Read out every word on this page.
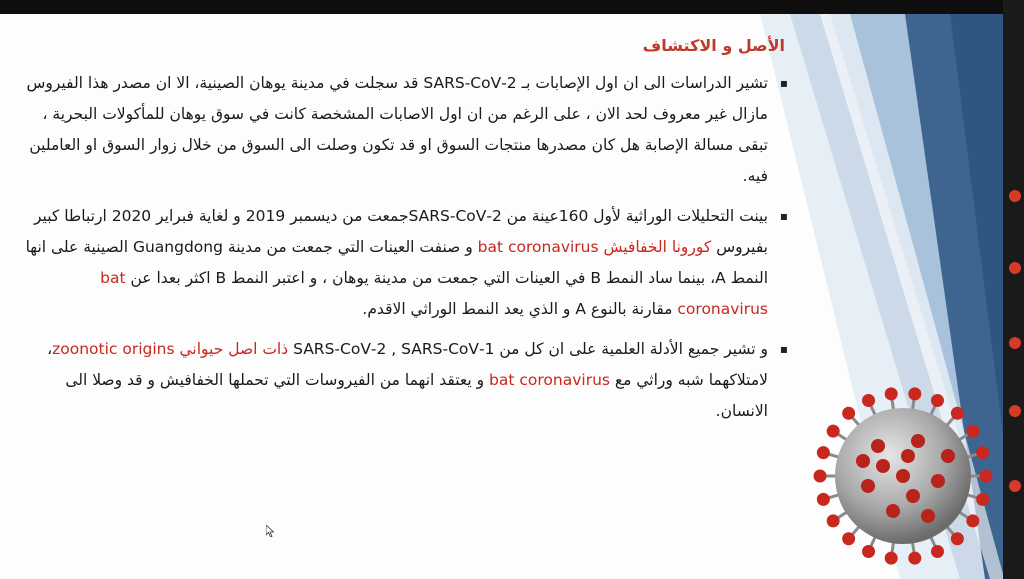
الأصل و الاكتشاف
▪ تشير الدراسات الى ان اول الإصابات بـ SARS‑CoV‑2 قد سجلت في مدينة يوهان الصينية، الا ان مصدر هذا الفيروس مازال غير معروف لحد الان ، على الرغم من ان اول الاصابات المشخصة كانت في سوق يوهان للمأكولات البحرية ، تبقى مسالة الإصابة هل كان مصدرها منتجات السوق او قد تكون وصلت الى السوق من خلال زوار السوق او العاملين فيه.
▪ بينت التحليلات الوراثية لأول 160عينة من SARS‑CoV‑2جمعت من ديسمبر 2019 و لغاية فبراير 2020 ارتباطا كبير بفيروس كورونا الخفافيش bat coronavirus و صنفت العينات التي جمعت من مدينة Guangdong الصينية على انها النمط A، بينما ساد النمط B في العينات التي جمعت من مدينة يوهان ، و اعتبر النمط B اكثر بعدا عن bat coronavirus مقارنة بالنوع A و الذي يعد النمط الوراثي الاقدم.
▪ و تشير جميع الأدلة العلمية على ان كل من SARS‑CoV‑2 , SARS‑CoV‑1 ذات اصل حيواني zoonotic origins، لامتلاكهما شبه وراثي مع bat coronavirus و يعتقد انهما من الفيروسات التي تحملها الخفافيش و قد وصلا الى الانسان.
